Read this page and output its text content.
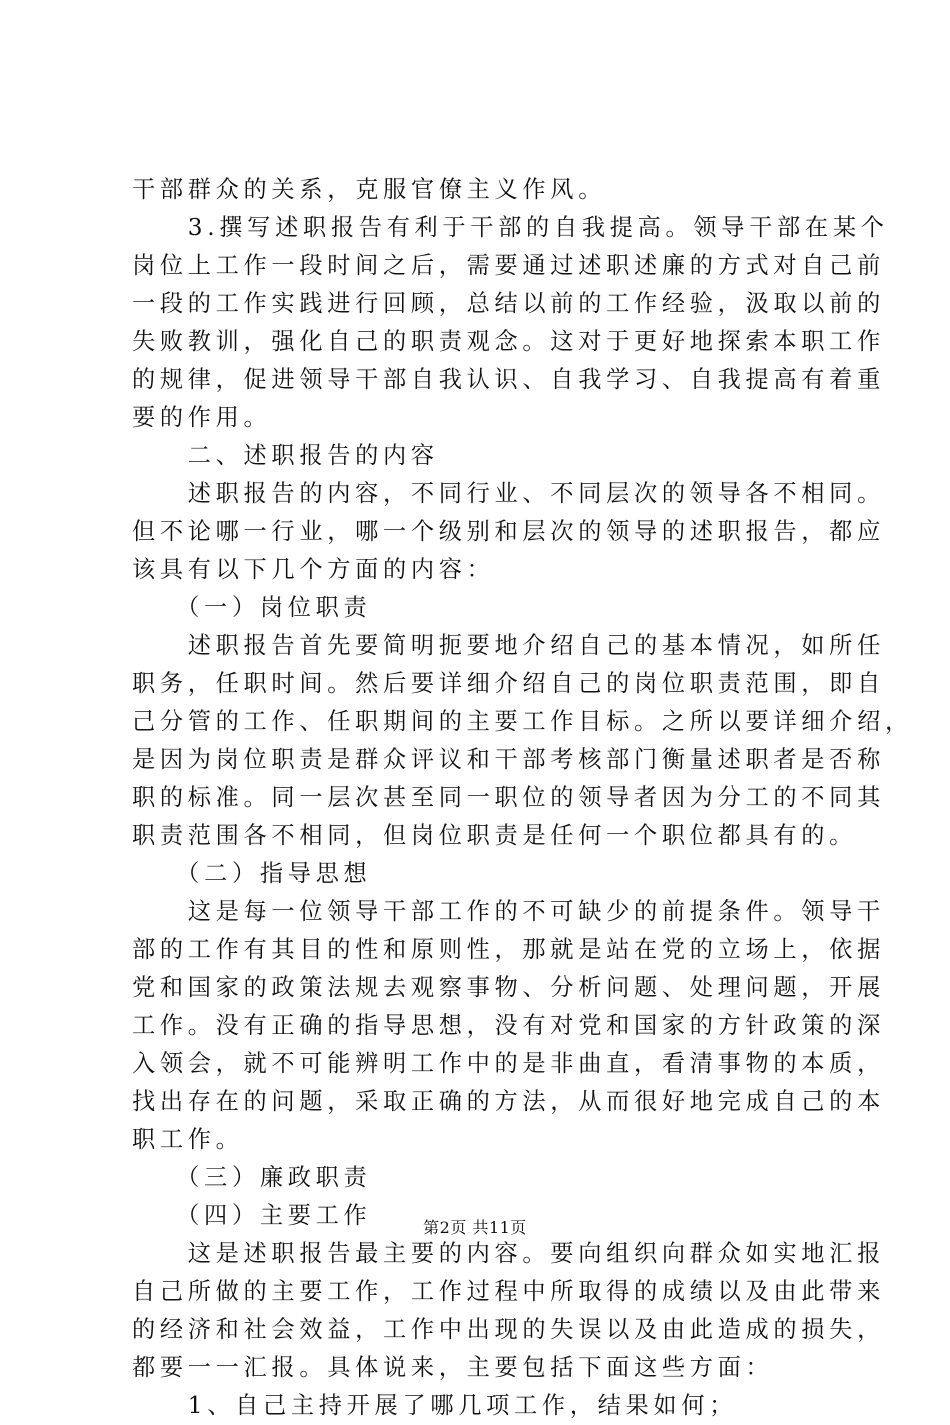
干部群众的关系，克服官僚主义作风。
　　3.撰写述职报告有利于干部的自我提高。领导干部在某个
岗位上工作一段时间之后，需要通过述职述廉的方式对自己前
一段的工作实践进行回顾，总结以前的工作经验，汲取以前的
失败教训，强化自己的职责观念。这对于更好地探索本职工作
的规律，促进领导干部自我认识、自我学习、自我提高有着重
要的作用。
　　二、述职报告的内容
　　述职报告的内容，不同行业、不同层次的领导各不相同。
但不论哪一行业，哪一个级别和层次的领导的述职报告，都应
该具有以下几个方面的内容：
　　（一）岗位职责
　　述职报告首先要简明扼要地介绍自己的基本情况，如所任
职务，任职时间。然后要详细介绍自己的岗位职责范围，即自
己分管的工作、任职期间的主要工作目标。之所以要详细介绍，
是因为岗位职责是群众评议和干部考核部门衡量述职者是否称
职的标准。同一层次甚至同一职位的领导者因为分工的不同其
职责范围各不相同，但岗位职责是任何一个职位都具有的。
　　（二）指导思想
　　这是每一位领导干部工作的不可缺少的前提条件。领导干
部的工作有其目的性和原则性，那就是站在党的立场上，依据
党和国家的政策法规去观察事物、分析问题、处理问题，开展
工作。没有正确的指导思想，没有对党和国家的方针政策的深
入领会，就不可能辨明工作中的是非曲直，看清事物的本质，
找出存在的问题，采取正确的方法，从而很好地完成自己的本
职工作。
　　（三）廉政职责
　　（四）主要工作
　　这是述职报告最主要的内容。要向组织向群众如实地汇报
自己所做的主要工作，工作过程中所取得的成绩以及由此带来
的经济和社会效益，工作中出现的失误以及由此造成的损失，
都要一一汇报。具体说来，主要包括下面这些方面：
　　1、自己主持开展了哪几项工作，结果如何；
第2页 共11页
